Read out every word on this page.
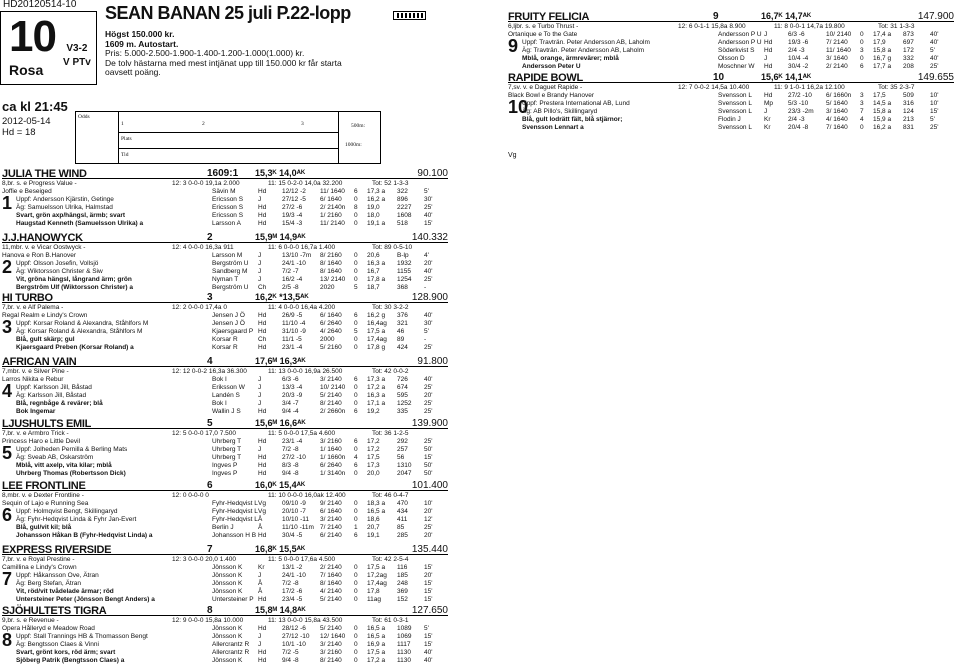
HD20120514-10
10	V3-2
V PTv
Rosa
SEAN BANAN 25 juli P.22-lopp
Högst 150.000 kr.
1609 m. Autostart.
Pris: 5.000-2.500-1.900-1.400-1.200-1.000(1.000) kr.
De tolv hästarna med mest intjänat upp till 150.000 kr får starta
oavsett poäng.
ca kl 21:45
2012-05-14
Hd = 18
Odds
1	2	3
Plats
Tid
500m:
1000m:
JULIA THE WIND	1609:1 15,3ᴷ 14,0ᴬᴷ	90.100
8,br. s. e Progress Value -	12: 3 0-0-0 19,1a 2.000	11: 15 0-2-0 14,0a 32.200	Tot: 52 1-3-3
1
Joffie e Beseiged
Uppf: Andersson Kjärstin, Getinge
Äg: Samuelsson Ulrika, Halmstad
Svart, grön axp/hängsl, ärmb; svart
Haugstad Kenneth (Samuelsson Ulrika) a
Sävin M	Hd 12/12 -2 11/ 1640 6 17,3 a 322 5'
Ericsson S J	27/12 -5 6/ 1640 0 16,2 a 896 30'
Ericsson S Hd 27/2 -6	2/ 2140n 8 19,0	2227 25'
Ericsson S Hd 19/3 -4	1/ 2160 0 18,0	1608 40'
Larsson A	Hd 15/4 -3	11/ 2140 0 19,1 a 518 15'
J.J.HANOWYCK	2	15,9ᴹ 14,9ᴬᴷ	140.332
11,mbr. v. e Vicar Oostwyck -	12: 4 0-0-0 16,3a 911	11: 6 0-0-0 16,7a 1.400	Tot: 89 0-5-10
2
Hanova e Ron B.Hanover
Uppf: Olsson Josefin, Vollsjö
Äg: Wiktorsson Christer & Siw
Vit, gröna hängsl, långrand ärm; grön
Bergström Ulf (Wiktorsson Christer) a
Larsson M J	13/10 -7m 8/ 2160 0 20,6	B-lp 4'
Bergström U J	24/1 -10 8/ 1640 0 16,3 a 1932 20'
Sandberg M J	7/2 -7	8/ 1640 0 16,7	1155 40'
Nyman T	J	16/2 -4	13/ 2140 0 17,8 a 1254 25'
Bergström U Ch 2/5 -8	2020	5 18,7	368 -
HI TURBO	3	16,2ᴷ *13,5ᴬᴷ	128.900
7,br. v. e Alf Palema -	12: 2 0-0-0 17,4a 0	11: 4 0-0-0 16,4a 4.200	Tot: 30 3-2-2
3
Regal Realm e Lindy's Crown
Uppf: Korsar Roland & Alexandra, Ståhlfors M
Äg: Korsar Roland & Alexandra, Ståhlfors M
Blå, gult skärp; gul
Kjaersgaard Preben (Korsar Roland) a
Jensen J Ö Hd 26/9 -5	6/ 1640 6 16,2 g 376 40'
Jensen J Ö Hd 11/10 -4 6/ 2640 0 16,4ag 321 30'
Kjaersgaard P Hd 31/10 -9 4/ 2640 5 17,5 a 46	5'
Korsar R	Ch 11/1 -5	2000	0 17,4ag 89	-
Korsar R	Hd 23/1 -4	5/ 2160 0 17,8 g 424 25'
AFRICAN VAIN	4	17,6ᴹ 16,3ᴬᴷ	91.800
7,mbr. v. e Silver Pine -	12: 12 0-0-2 16,3a 36.300	11: 13 0-0-0 16,9a 26.500	Tot: 42 0-0-2
4
Larros Nikita e Rebur
Uppf: Karlsson Jill, Båstad
Äg: Karlsson Jill, Båstad
Blå, regnbåge & revärer; blå
Bok Ingemar
Bok I	J	6/3 -6	3/ 2140 6 17,3 a 726 40'
Eriksson W J	13/3 -4	10/ 2140 0 17,2 a 674 25'
Landén S	J	20/3 -9	5/ 2140 0 16,3 a 595 20'
Bok I	J	3/4 -7	8/ 2140 0 17,1 a 1252 25'
Wallin J S	Hd 9/4 -4	2/ 2660n 6 19,2	335 25'
LJUSHULTS EMIL	5	15,6ᴹ 16,6ᴬᴷ	139.900
7,br. v. e Armbro Trick -	12: 5 0-0-0 17,0 7.500	11: 5 0-0-0 17,5a 4.600	Tot: 36 1-2-5
5
Princess Haro e Little Devil
Uppf: Jolheden Pernilla & Berling Mats
Äg: Sveab AB, Oskarström
Mblå, vitt axelp, vita kilar; mblå
Uhrberg Thomas (Robertsson Dick)
Uhrberg T	Hd 23/1 -4	3/ 2160 6 17,2	292 25'
Uhrberg T	J	7/2 -8	1/ 1640 0 17,2	257 50'
Uhrberg T	Hd 27/2 -10 1/ 1660n 4 17,5	56	15'
Ingves P	Hd 8/3 -8	6/ 2640 6 17,3	1310 50'
Ingves P	Hd 9/4 -8	1/ 3140n 0 20,0	2047 50'
LEE FRONTLINE	6	16,0ᴷ 15,4ᴬᴷ	101.400
8,mbr. v. e Dexter Frontline -	12: 0 0-0-0 0	11: 10 0-0-0 16,0ak 12.400	Tot: 46 0-4-7
6
Sequin of Lajo e Running Sea
Uppf: Holmqvist Bengt, Skillingaryd
Äg: Fyhr-Hedqvist Linda & Fyhr Jan-Evert
Blå, gul/vit kil; blå
Johansson Håkan B (Fyhr-Hedqvist Linda) a
Fyhr-Hedqvist L Vg 09/10 -9 9/ 2140 0 18,3 a 470 10'
Fyhr-Hedqvist L Vg 20/10 -7 6/ 1640 0 16,5 a 434 20'
Fyhr-Hedqvist L Å	10/10 -11 3/ 2140 0 18,6	411	12'
Berlin J	Å	11/10 -11m 7/ 2140 1 20,7	85	25'
Johansson H B Hd 30/4 -5	6/ 2140 6 19,1	285 20'
EXPRESS RIVERSIDE	7	16,8ᴷ 15,5ᴬᴷ	135.440
7,br. v. e Royal Prestine -	12: 3 0-0-0 20,0 1.400	11: 5 0-0-0 17,6a 4.500	Tot: 42 2-5-4
7
Camillina e Lindy's Crown
Uppf: Håkansson Ove, Ätran
Äg: Berg Stefan, Ätran
Vit, röd/vit tvådelade ärmar; röd
Untersteiner Peter (Jönsson Bengt Anders) a
Jönsson K Kr	13/1 -2	2/ 2140 0 17,5 a 116	15'
Jönsson K J	24/1 -10 7/ 1640 0 17,2ag 185 20'
Jönsson K Å	7/2 -8	8/ 1640 0 17,4ag 248 15'
Jönsson K Å	17/2 -6	4/ 2140 0 17,8	369 15'
Untersteiner P Hd 23/4 -5	5/ 2140 0 11ag 152 15'
SJÖHULTETS TIGRA	8	15,8ᴹ 14,8ᴬᴷ	127.650
9,br. s. e Revenue -	12: 9 0-0-0 15,8a 10.000	11: 13 0-0-0 15,8a 43.500	Tot: 61 0-3-1
8
Opera Hålleryd e Meadow Road
Uppf: Stall Trannings HB & Thomasson Bengt
Äg: Bengtsson Claes & Vinni
Svart, grönt kors, röd ärm; svart
Sjöberg Patrik (Bengtsson Claes) a
Jönsson K Hd 28/12 -6 5/ 2140 0 16,5 a 1089 5'
Jönsson K J	27/12 -10 12/ 1640 0 16,5 a 1069 15'
Allercrantz R J	10/1 -10 3/ 2140 0 16,9 a 1117 15'
Allercrantz R Hd 7/2 -5	3/ 2160 0 17,5 a 1130 40'
Jönsson K Hd 9/4 -8	8/ 2140 0 17,2 a 1130 40'
FRUITY FELICIA	9	16,7ᴷ 14,7ᴬᴷ	147.900
6,ljbr. s. e Turbo Thrust -	12: 6 0-1-1 15,8a 8.900	11: 8 0-0-1 14,7a 19.800	Tot: 31 1-3-3
9
Ortanique e To the Gate
Uppf: Travträn. Peter Andersson AB, Laholm
Äg: Travträn. Peter Andersson AB, Laholm
Mblå, orange, ärmrevärer; mblå
Andersson Peter U
Andersson P U J	6/3 -6	10/ 2140 0 17,4 a 873 40'
Andersson P U Hd 19/3 -6	7/ 2140 0 17,9	697 40'
Söderkvist S Hd 2/4 -3	11/ 1640 3 15,8 a 172 5'
Olsson D	J	10/4 -4	3/ 1640 0 16,7 g 332 40'
Moschner W Hd 30/4 -2	2/ 2140 6 17,7 a 208 25'
RAPIDE BOWL	10	15,6ᴷ 14,1ᴬᴷ	149.655
7,sv. v. e Daguet Rapide -	12: 7 0-0-2 14,5a 10.400	11: 9 1-0-1 16,2a 12.100	Tot: 35 2-3-7
10
Black Bowl e Brandy Hanover
Uppf: Prestera International AB, Lund
Äg: AB Pillo's, Skillingaryd
Blå, gult lodrätt fält, blå stjärnor;
Svensson Lennart a
Svensson L Hd 27/2 -10 6/ 1660n 3 17,5	509 10'
Svensson L Mp 5/3 -10	5/ 1640 3 14,5 a 316 10'
Svensson L J	23/3 -2m 3/ 1640 7 15,8 a 124 15'
Flodin J	Kr	2/4 -3	4/ 1640 4 15,9 a 213 5'
Svensson L Kr	20/4 -8	7/ 1640 0 16,2 a 831 25'
Vg
